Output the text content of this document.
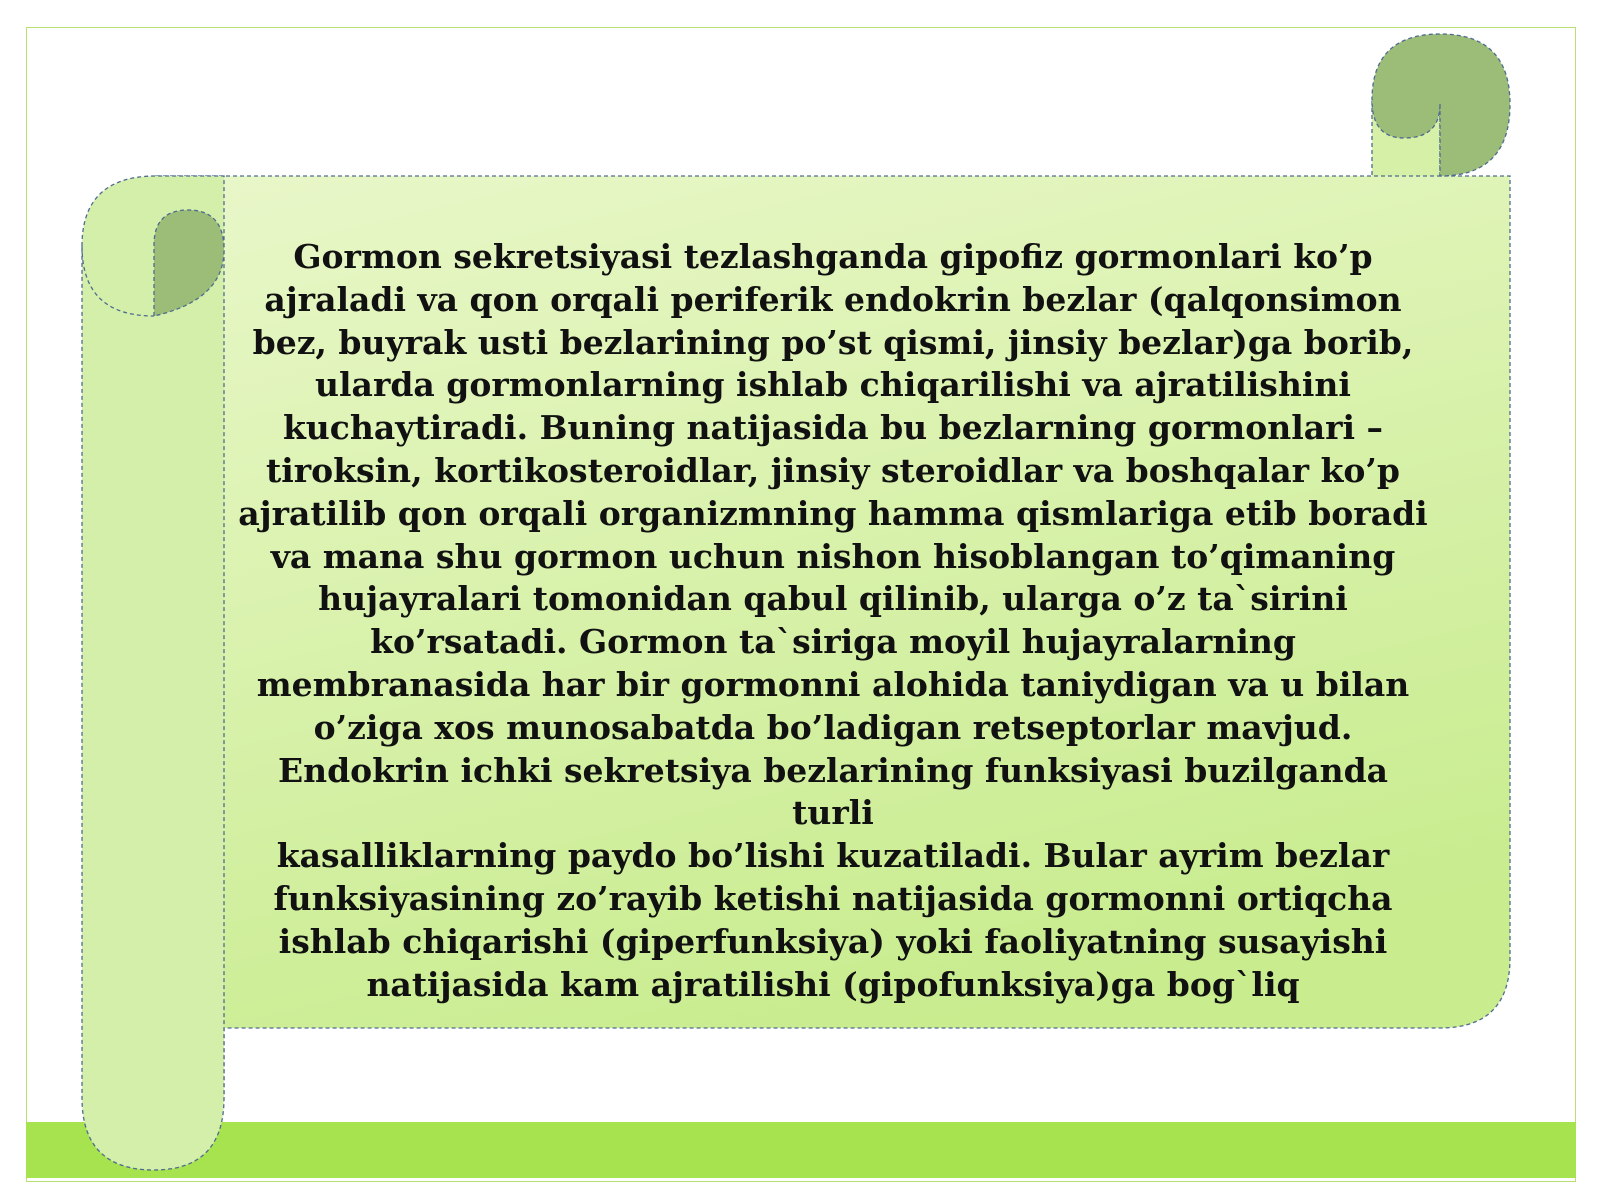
Gormon sekretsiyasi tezlashganda gipofiz gormonlari ko’p
ajraladi va qon orqali periferik endokrin bezlar (qalqonsimon
bez, buyrak usti bezlarining po’st qismi, jinsiy bezlar)ga borib,
ularda gormonlarning ishlab chiqarilishi va ajratilishini
kuchaytiradi. Buning natijasida bu bezlarning gormonlari –
tiroksin, kortikosteroidlar, jinsiy steroidlar va boshqalar ko’p
ajratilib qon orqali organizmning hamma qismlariga etib boradi
va mana shu gormon uchun nishon hisoblangan to’qimaning
hujayralari tomonidan qabul qilinib, ularga o’z ta`sirini
ko’rsatadi. Gormon ta`siriga moyil hujayralarning
membranasida har bir gormonni alohida taniydigan va u bilan
o’ziga xos munosabatda bo’ladigan retseptorlar mavjud.
Endokrin ichki sekretsiya bezlarining funksiyasi buzilganda turli
kasalliklarning paydo bo’lishi kuzatiladi. Bular ayrim bezlar
funksiyasining zo’rayib ketishi natijasida gormonni ortiqcha
ishlab chiqarishi (giperfunksiya) yoki faoliyatning susayishi
natijasida kam ajratilishi (gipofunksiya)ga bog`liq
